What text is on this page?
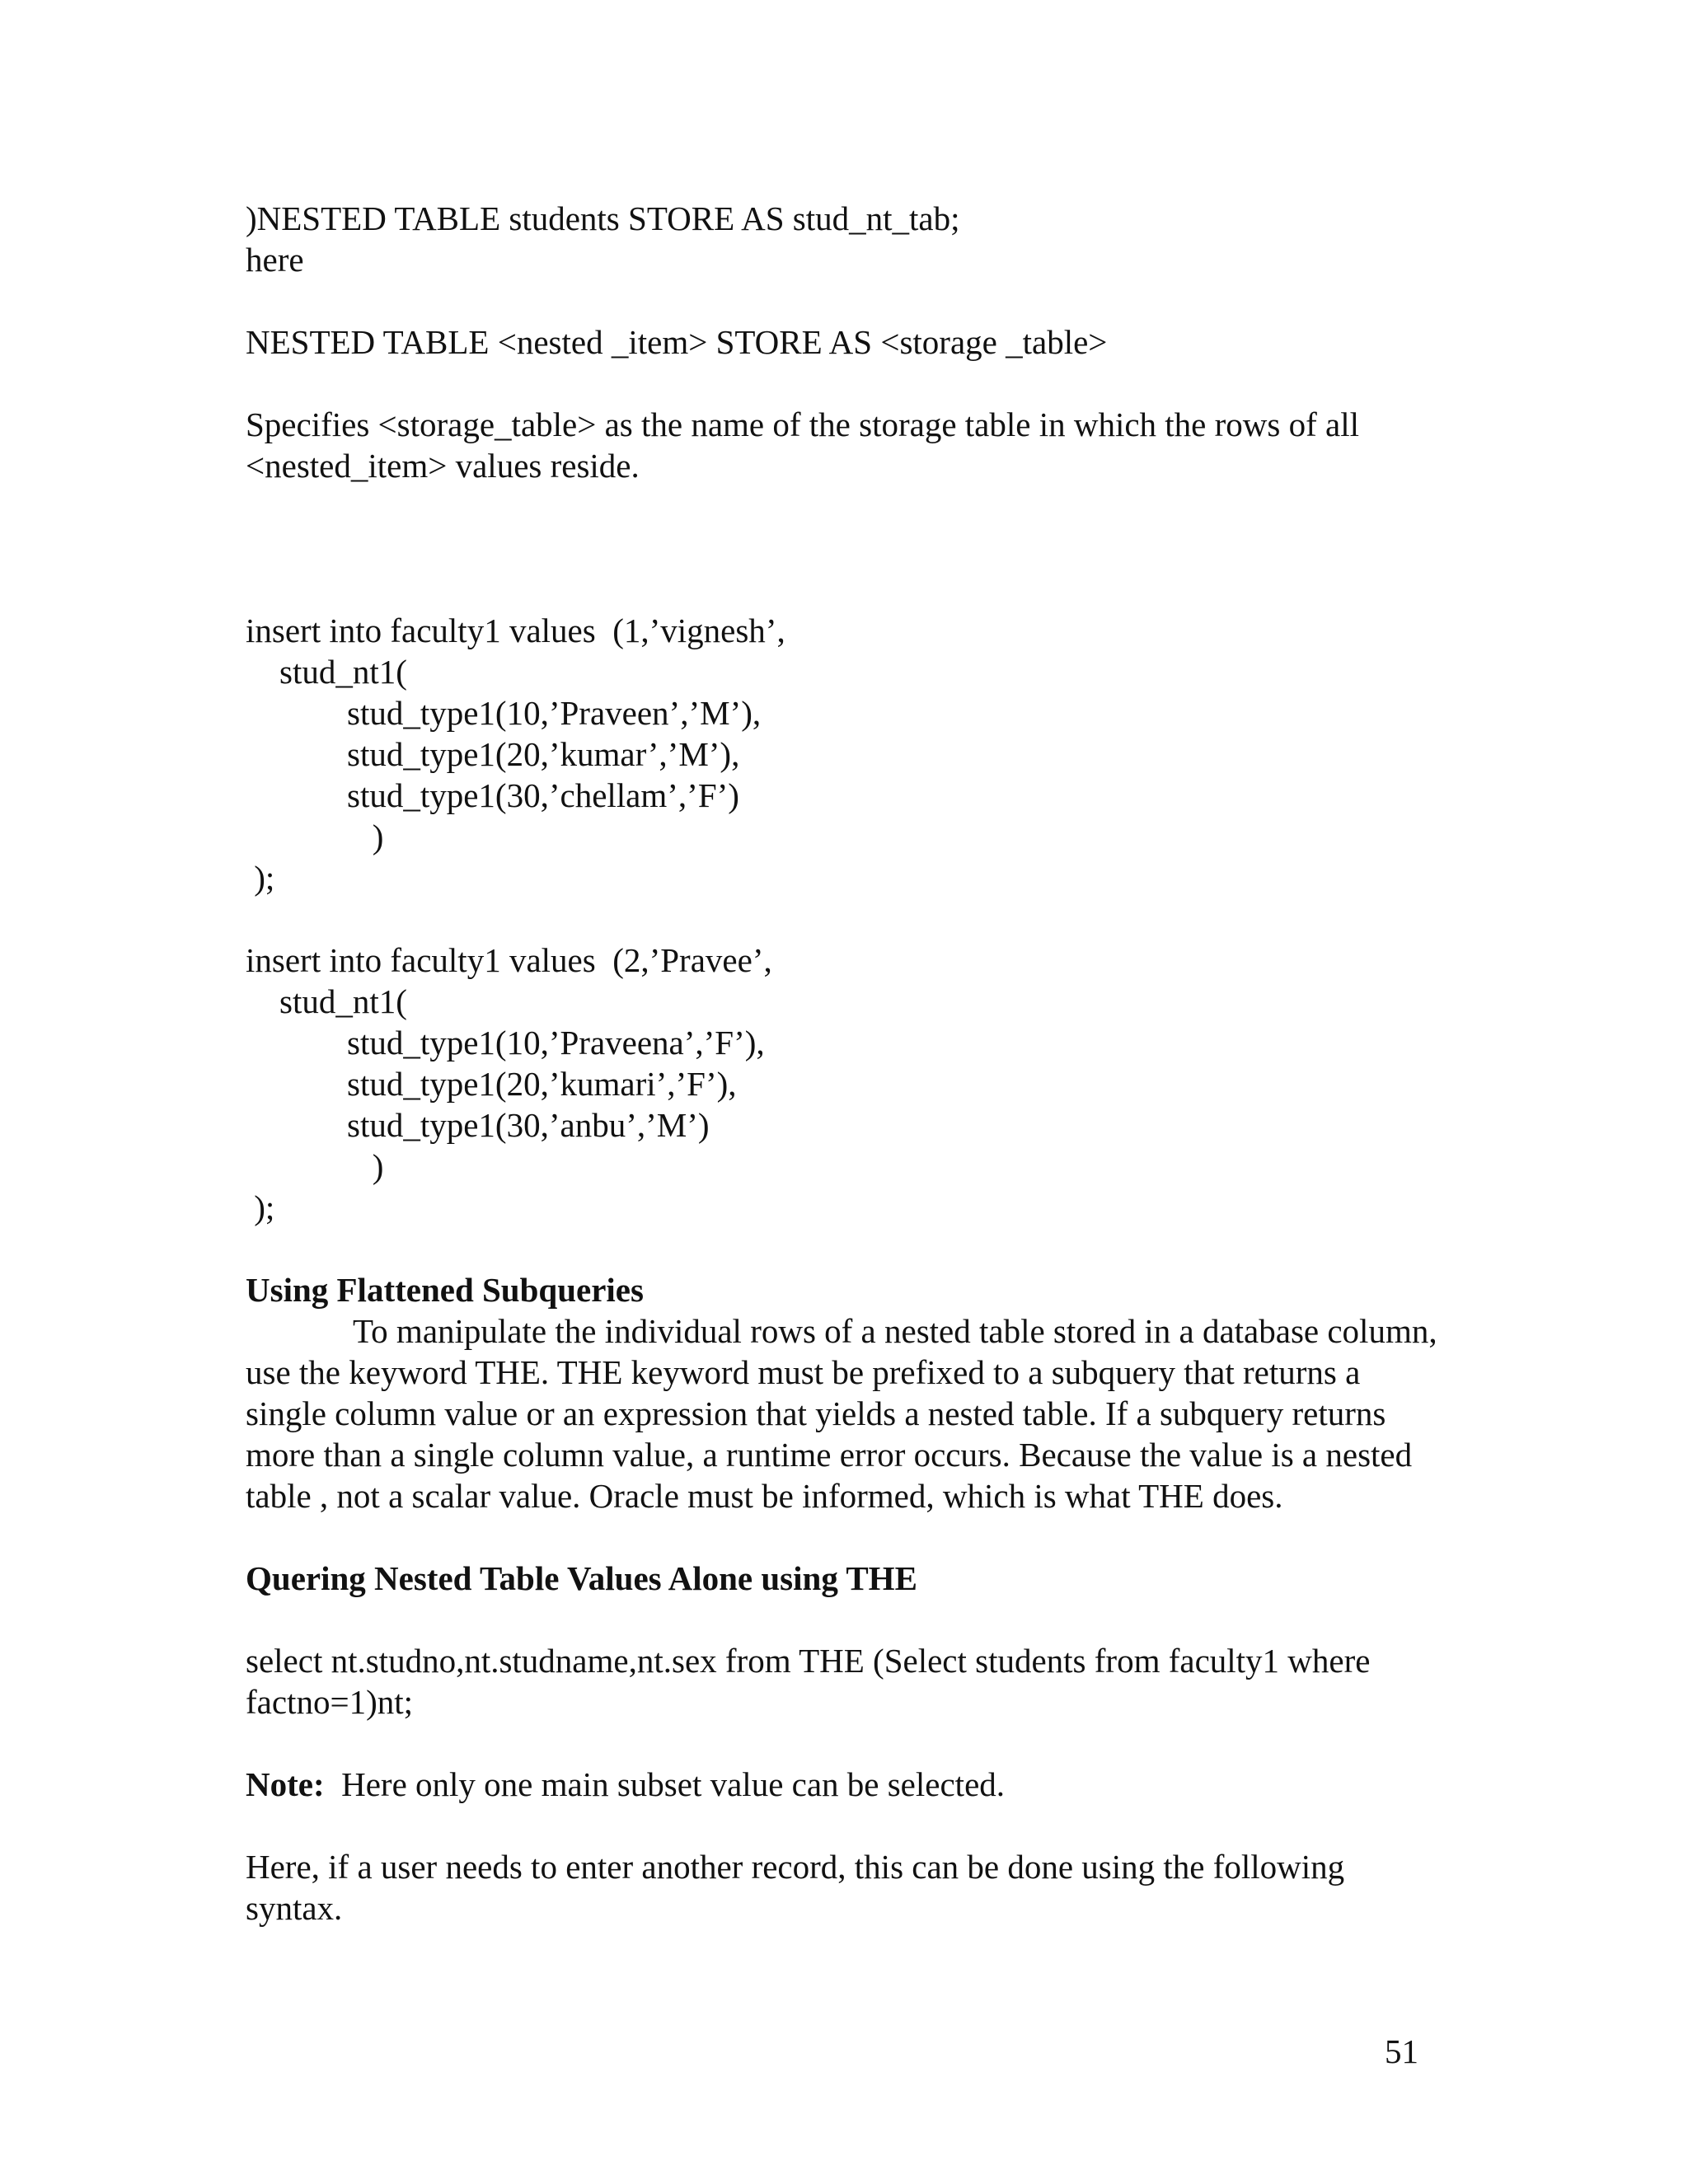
)NESTED TABLE students STORE AS stud_nt_tab;
here
NESTED TABLE <nested _item> STORE AS <storage _table>

Specifies <storage_table> as the name of the storage table in which the rows of all <nested_item> values reside.

insert into faculty1 values  (1,’vignesh’,
stud_nt1(
stud_type1(10,’Praveen’,’M’),
stud_type1(20,’kumar’,’M’),
stud_type1(30,’chellam’,’F’)
)
);
insert into faculty1 values  (2,’Pravee’,
stud_nt1(
stud_type1(10,’Praveena’,’F’),
stud_type1(20,’kumari’,’F’),
stud_type1(30,’anbu’,’M’)
)
);
Using Flattened Subqueries

To manipulate the individual rows of a nested table stored in a database column, use the keyword THE. THE keyword must be prefixed to a subquery that returns a single column value or an expression that yields a nested table. If a subquery returns more than a single column value, a runtime error occurs. Because the value is a nested table , not a scalar value. Oracle must be informed, which is what THE does.

Quering Nested Table Values Alone using THE

select nt.studno,nt.studname,nt.sex from THE (Select students from faculty1 where factno=1)nt;

Note:  Here only one main subset value can be selected.

Here, if a user needs to enter another record, this can be done using the following syntax.

51
